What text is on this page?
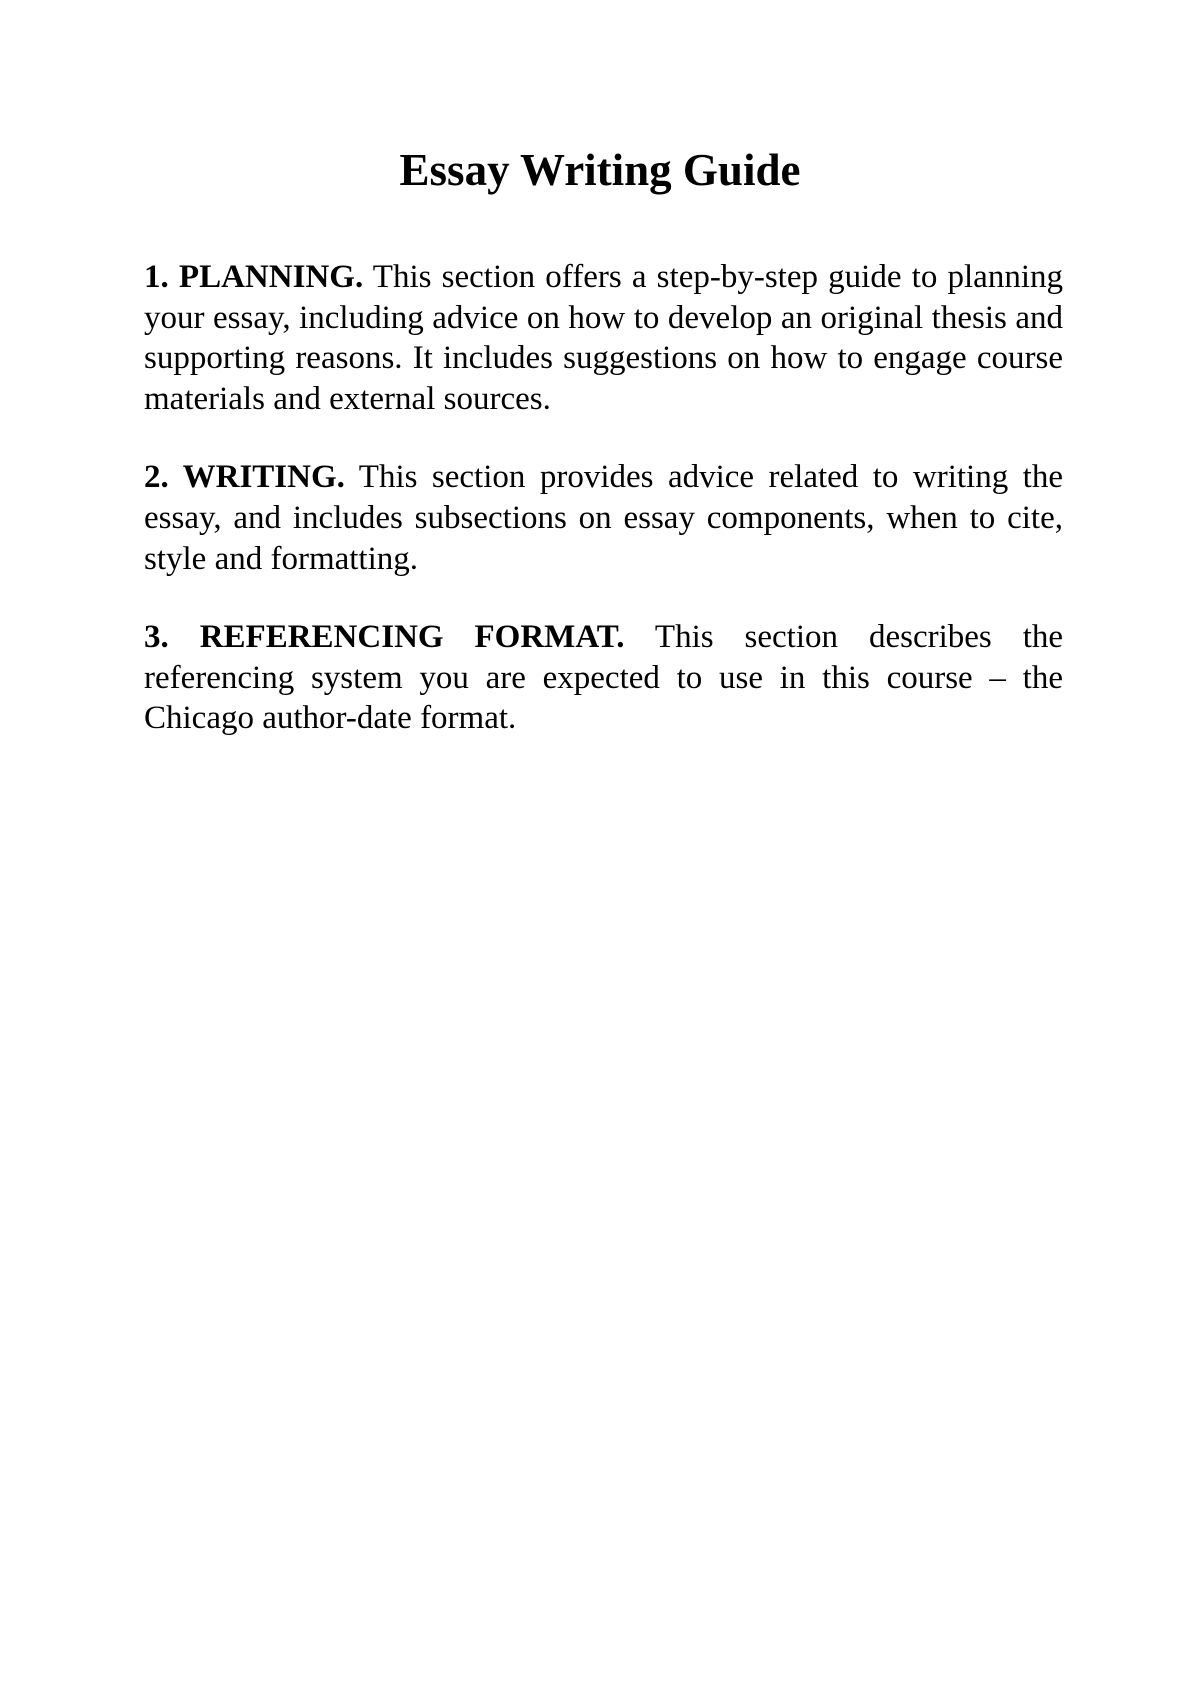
Essay Writing Guide

1. PLANNING. This section offers a step-by-step guide to planning your essay, including advice on how to develop an original thesis and supporting reasons. It includes suggestions on how to engage course materials and external sources.

2. WRITING. This section provides advice related to writing the essay, and includes subsections on essay components, when to cite, style and formatting.

3. REFERENCING FORMAT. This section describes the referencing system you are expected to use in this course – the Chicago author-date format.
